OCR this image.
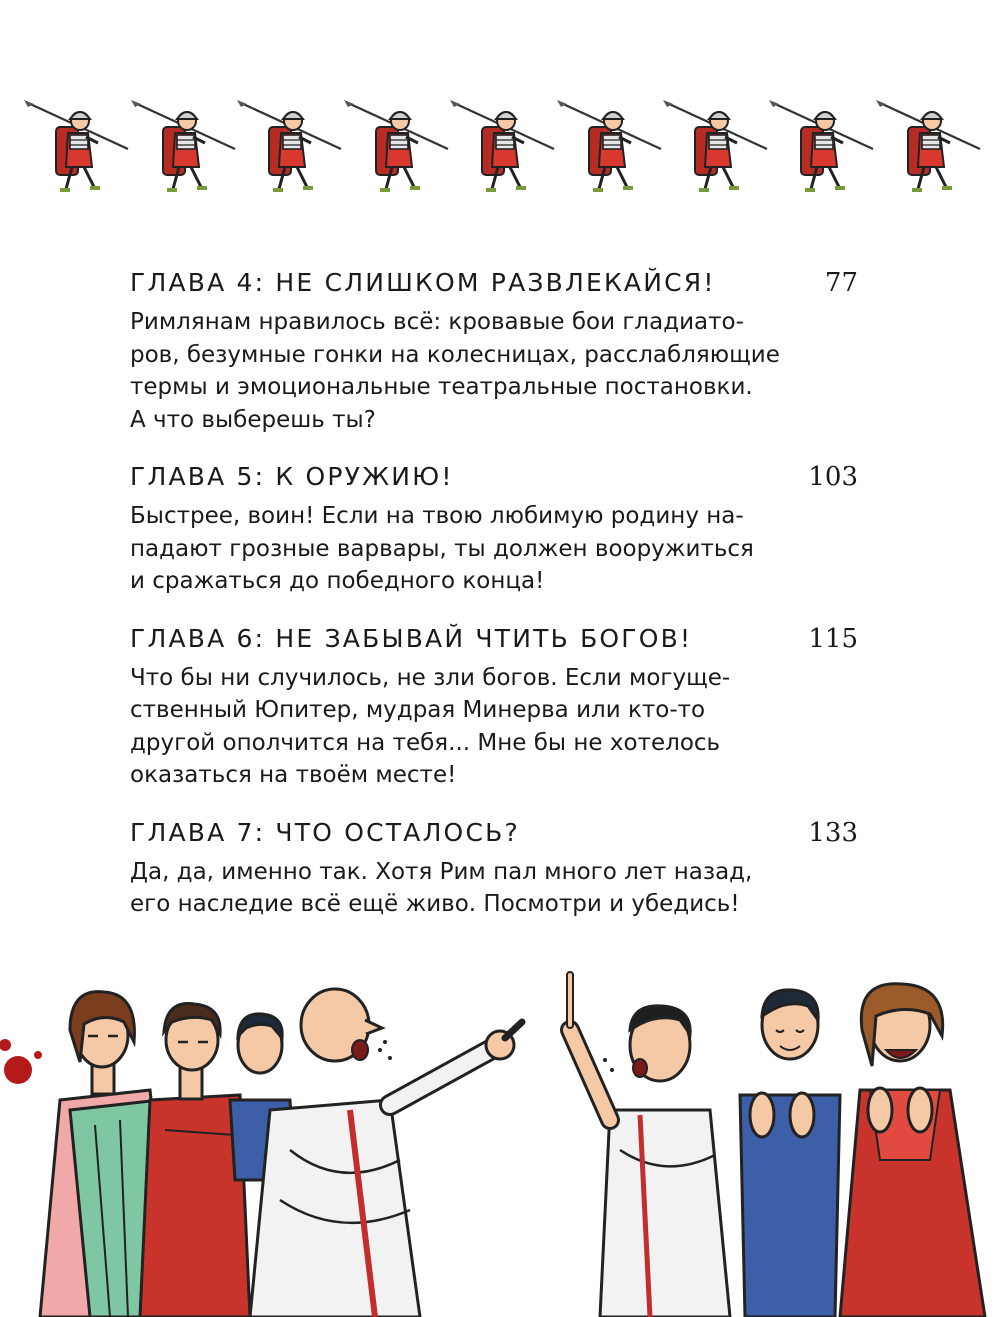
ГЛАВА 4: НЕ СЛИШКОМ РАЗВЛЕКАЙСЯ!	77
Римлянам нравилось всё: кровавые бои гладиато-
ров, безумные гонки на колесницах, расслабляющие
термы и эмоциональные театральные постановки.
А что выберешь ты?
ГЛАВА 5: К ОРУЖИЮ!	103
Быстрее, воин! Если на твою любимую родину на-
падают грозные варвары, ты должен вооружиться
и сражаться до победного конца!
ГЛАВА 6: НЕ ЗАБЫВАЙ ЧТИТЬ БОГОВ!	115
Что бы ни случилось, не зли богов. Если могуще-
ственный Юпитер, мудрая Минерва или кто-то
другой ополчится на тебя... Мне бы не хотелось
оказаться на твоём месте!
ГЛАВА 7: ЧТО ОСТАЛОСЬ?	133
Да, да, именно так. Хотя Рим пал много лет назад,
его наследие всё ещё живо. Посмотри и убедись!
